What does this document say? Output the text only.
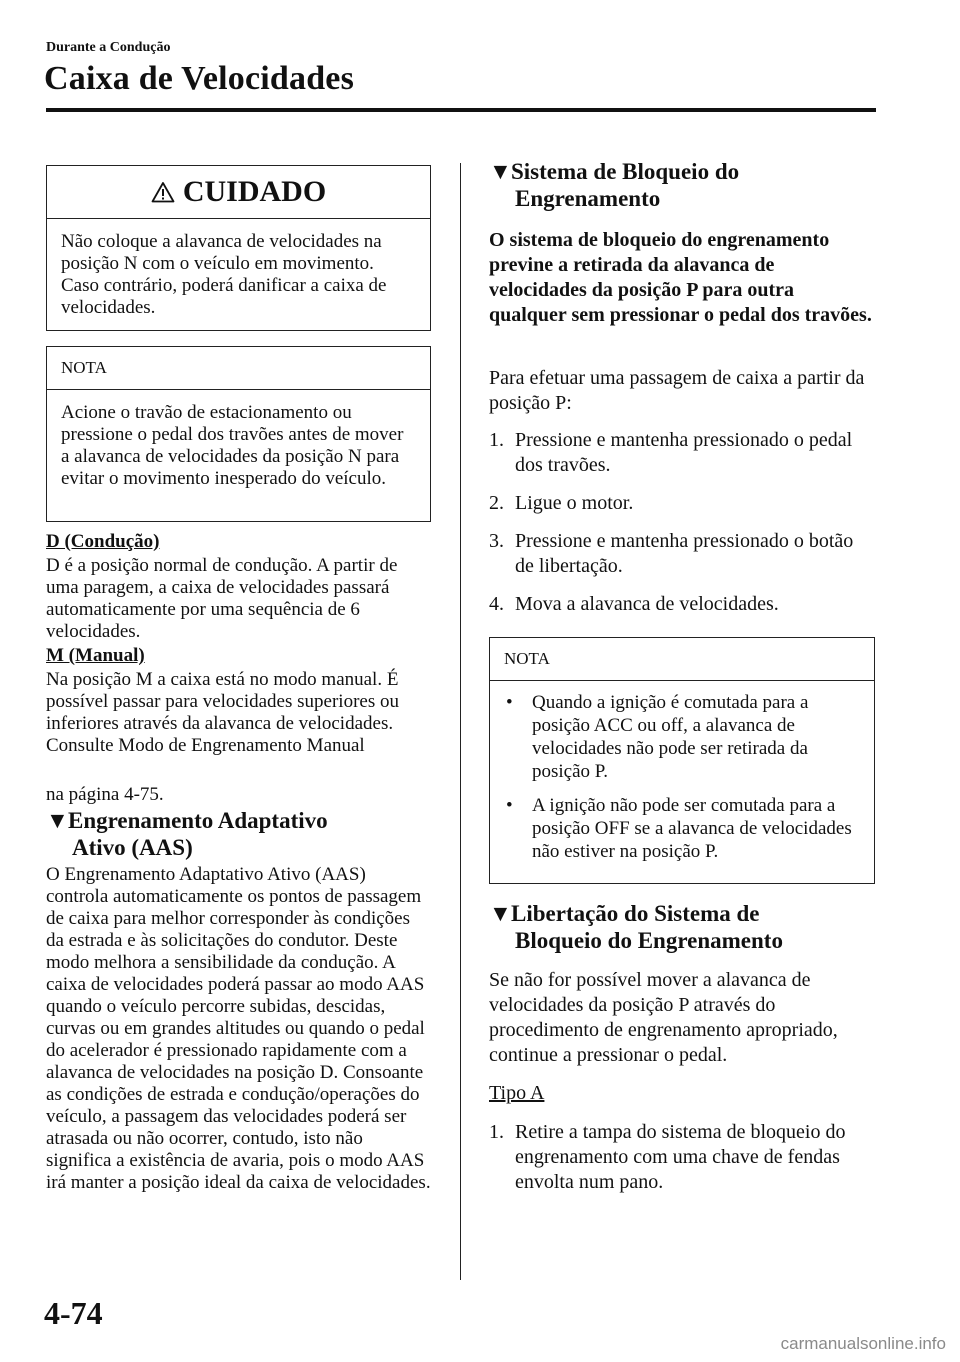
Durante a Condução
Caixa de Velocidades
CUIDADO
Não coloque a alavanca de velocidades na posição N com o veículo em movimento. Caso contrário, poderá danificar a caixa de velocidades.
NOTA
Acione o travão de estacionamento ou pressione o pedal dos travões antes de mover a alavanca de velocidades da posição N para evitar o movimento inesperado do veículo.
D (Condução)
D é a posição normal de condução. A partir de uma paragem, a caixa de velocidades passará automaticamente por uma sequência de 6 velocidades.
M (Manual)
Na posição M a caixa está no modo manual. É possível passar para velocidades superiores ou inferiores através da alavanca de velocidades. Consulte Modo de Engrenamento Manual
na página 4-75.
▼Engrenamento Adaptativo
Ativo (AAS)
O Engrenamento Adaptativo Ativo (AAS) controla automaticamente os pontos de passagem de caixa para melhor corresponder às condições da estrada e às solicitações do condutor. Deste modo melhora a sensibilidade da condução. A caixa de velocidades poderá passar ao modo AAS quando o veículo percorre subidas, descidas, curvas ou em grandes altitudes ou quando o pedal do acelerador é pressionado rapidamente com a alavanca de velocidades na posição D. Consoante as condições de estrada e condução/operações do veículo, a passagem das velocidades poderá ser atrasada ou não ocorrer, contudo, isto não significa a existência de avaria, pois o modo AAS irá manter a posição ideal da caixa de velocidades.
▼Sistema de Bloqueio do
Engrenamento
O sistema de bloqueio do engrenamento previne a retirada da alavanca de velocidades da posição P para outra qualquer sem pressionar o pedal dos travões.
Para efetuar uma passagem de caixa a partir da posição P:
1. Pressione e mantenha pressionado o pedal dos travões.
2. Ligue o motor.
3. Pressione e mantenha pressionado o botão de libertação.
4. Mova a alavanca de velocidades.
NOTA
•	Quando a ignição é comutada para a posição ACC ou off, a alavanca de velocidades não pode ser retirada da posição P.
•	A ignição não pode ser comutada para a posição OFF se a alavanca de velocidades não estiver na posição P.
▼Libertação do Sistema de
Bloqueio do Engrenamento
Se não for possível mover a alavanca de velocidades da posição P através do procedimento de engrenamento apropriado, continue a pressionar o pedal.
Tipo A
1. Retire a tampa do sistema de bloqueio do engrenamento com uma chave de fendas envolta num pano.
4-74
carmanualsonline.info
